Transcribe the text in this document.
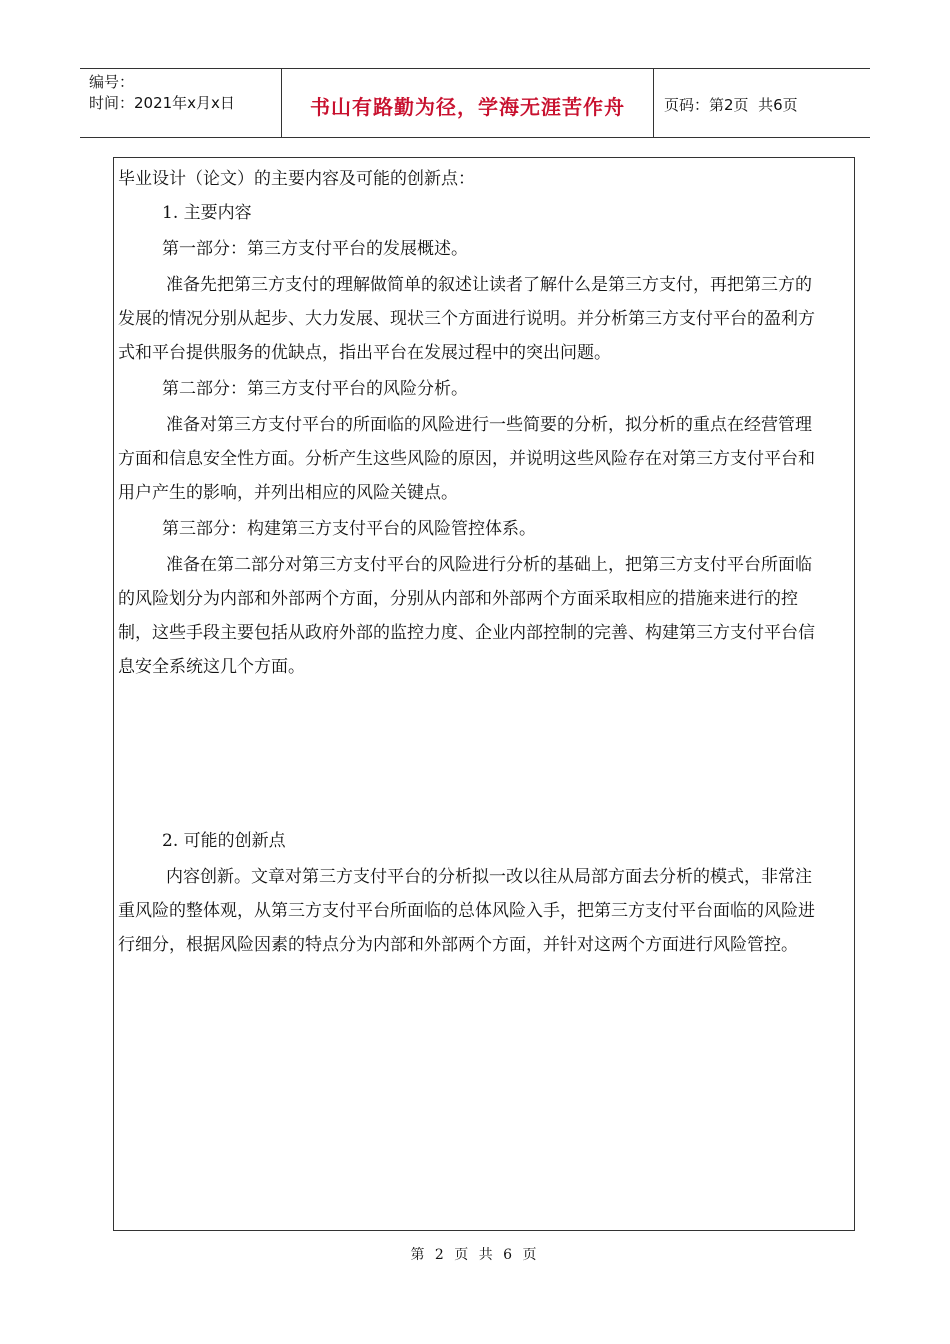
编号：
时间：2021年x月x日	书山有路勤为径，学海无涯苦作舟	页码：第2页  共6页

毕业设计（论文）的主要内容及可能的创新点：

1. 主要内容

第一部分：第三方支付平台的发展概述。

准备先把第三方支付的理解做简单的叙述让读者了解什么是第三方支付，再把第三方的发展的情况分别从起步、大力发展、现状三个方面进行说明。并分析第三方支付平台的盈利方式和平台提供服务的优缺点，指出平台在发展过程中的突出问题。

第二部分：第三方支付平台的风险分析。

准备对第三方支付平台的所面临的风险进行一些简要的分析，拟分析的重点在经营管理方面和信息安全性方面。分析产生这些风险的原因，并说明这些风险存在对第三方支付平台和用户产生的影响，并列出相应的风险关键点。

第三部分：构建第三方支付平台的风险管控体系。

准备在第二部分对第三方支付平台的风险进行分析的基础上，把第三方支付平台所面临的风险划分为内部和外部两个方面，分别从内部和外部两个方面采取相应的措施来进行的控制，这些手段主要包括从政府外部的监控力度、企业内部控制的完善、构建第三方支付平台信息安全系统这几个方面。

2. 可能的创新点

内容创新。文章对第三方支付平台的分析拟一改以往从局部方面去分析的模式，非常注重风险的整体观，从第三方支付平台所面临的总体风险入手，把第三方支付平台面临的风险进行细分，根据风险因素的特点分为内部和外部两个方面，并针对这两个方面进行风险管控。

第 2 页 共 6 页
